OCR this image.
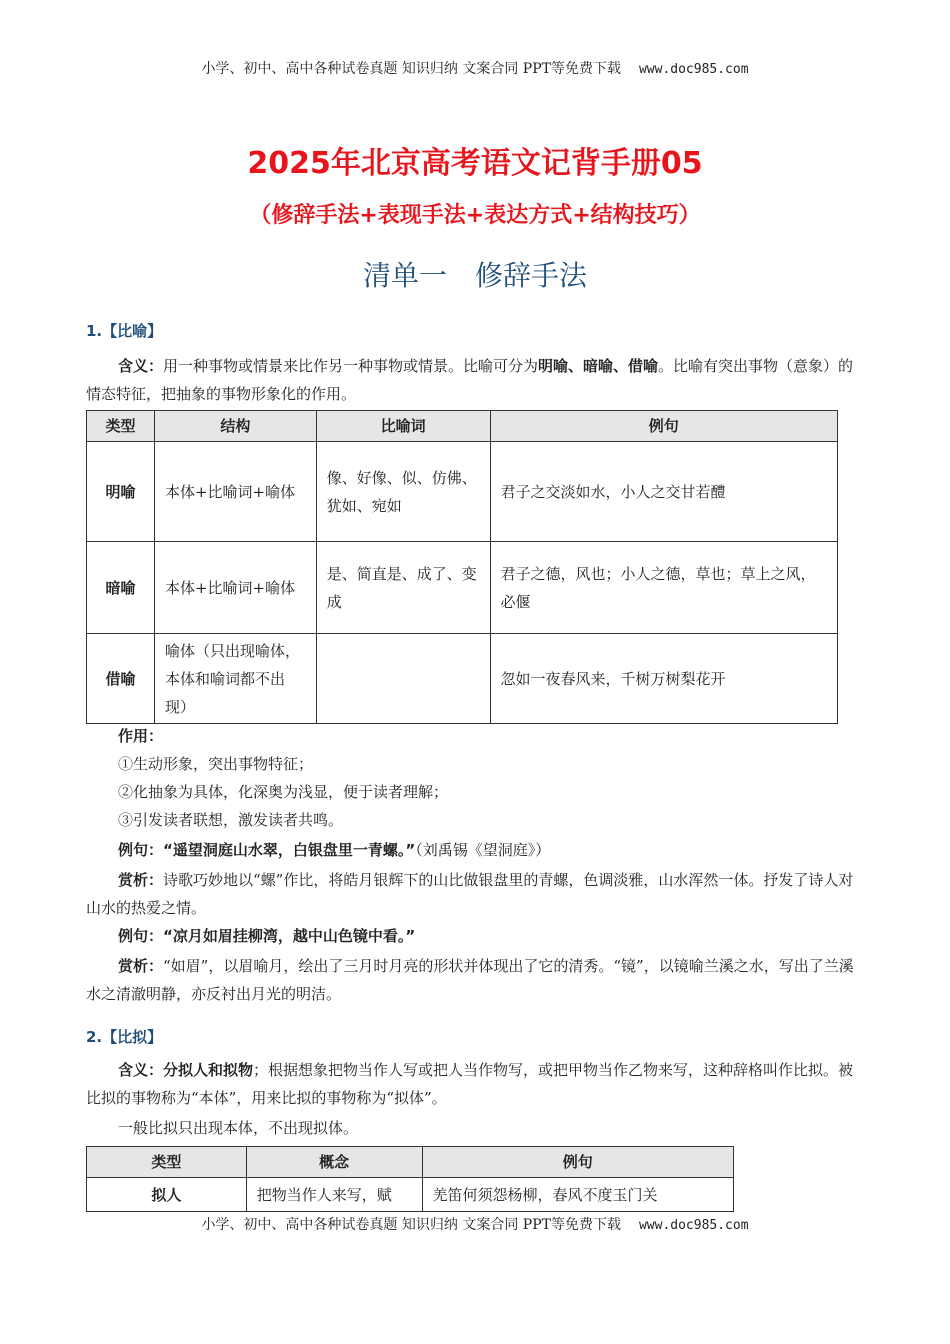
小学、初中、高中各种试卷真题 知识归纳 文案合同 PPT等免费下载 www.doc985.com
2025年北京高考语文记背手册05
（修辞手法+表现手法+表达方式+结构技巧）
清单一　修辞手法
1.【比喻】
含义：用一种事物或情景来比作另一种事物或情景。比喻可分为明喻、暗喻、借喻。比喻有突出事物（意象）的情态特征，把抽象的事物形象化的作用。
类型	结构	比喻词	例句
明喻	本体+比喻词+喻体	像、好像、似、仿佛、犹如、宛如	君子之交淡如水，小人之交甘若醴
暗喻	本体+比喻词+喻体	是、简直是、成了、变成	君子之德，风也；小人之德，草也；草上之风，必偃
借喻	喻体（只出现喻体，本体和喻词都不出现）		忽如一夜春风来，千树万树梨花开
作用：
①生动形象，突出事物特征；
②化抽象为具体，化深奥为浅显，便于读者理解；
③引发读者联想，激发读者共鸣。
例句：“遥望洞庭山水翠，白银盘里一青螺。”（刘禹锡《望洞庭》）
赏析：诗歌巧妙地以“螺”作比，将皓月银辉下的山比做银盘里的青螺，色调淡雅，山水浑然一体。抒发了诗人对山水的热爱之情。
例句：“凉月如眉挂柳湾，越中山色镜中看。”
赏析：“如眉”，以眉喻月，绘出了三月时月亮的形状并体现出了它的清秀。“镜”，以镜喻兰溪之水，写出了兰溪水之清澈明静，亦反衬出月光的明洁。
2.【比拟】
含义：分拟人和拟物；根据想象把物当作人写或把人当作物写，或把甲物当作乙物来写，这种辞格叫作比拟。被比拟的事物称为“本体”，用来比拟的事物称为“拟体”。
一般比拟只出现本体，不出现拟体。
类型	概念	例句
拟人	把物当作人来写，赋	羌笛何须怨杨柳，春风不度玉门关
小学、初中、高中各种试卷真题 知识归纳 文案合同 PPT等免费下载 www.doc985.com
